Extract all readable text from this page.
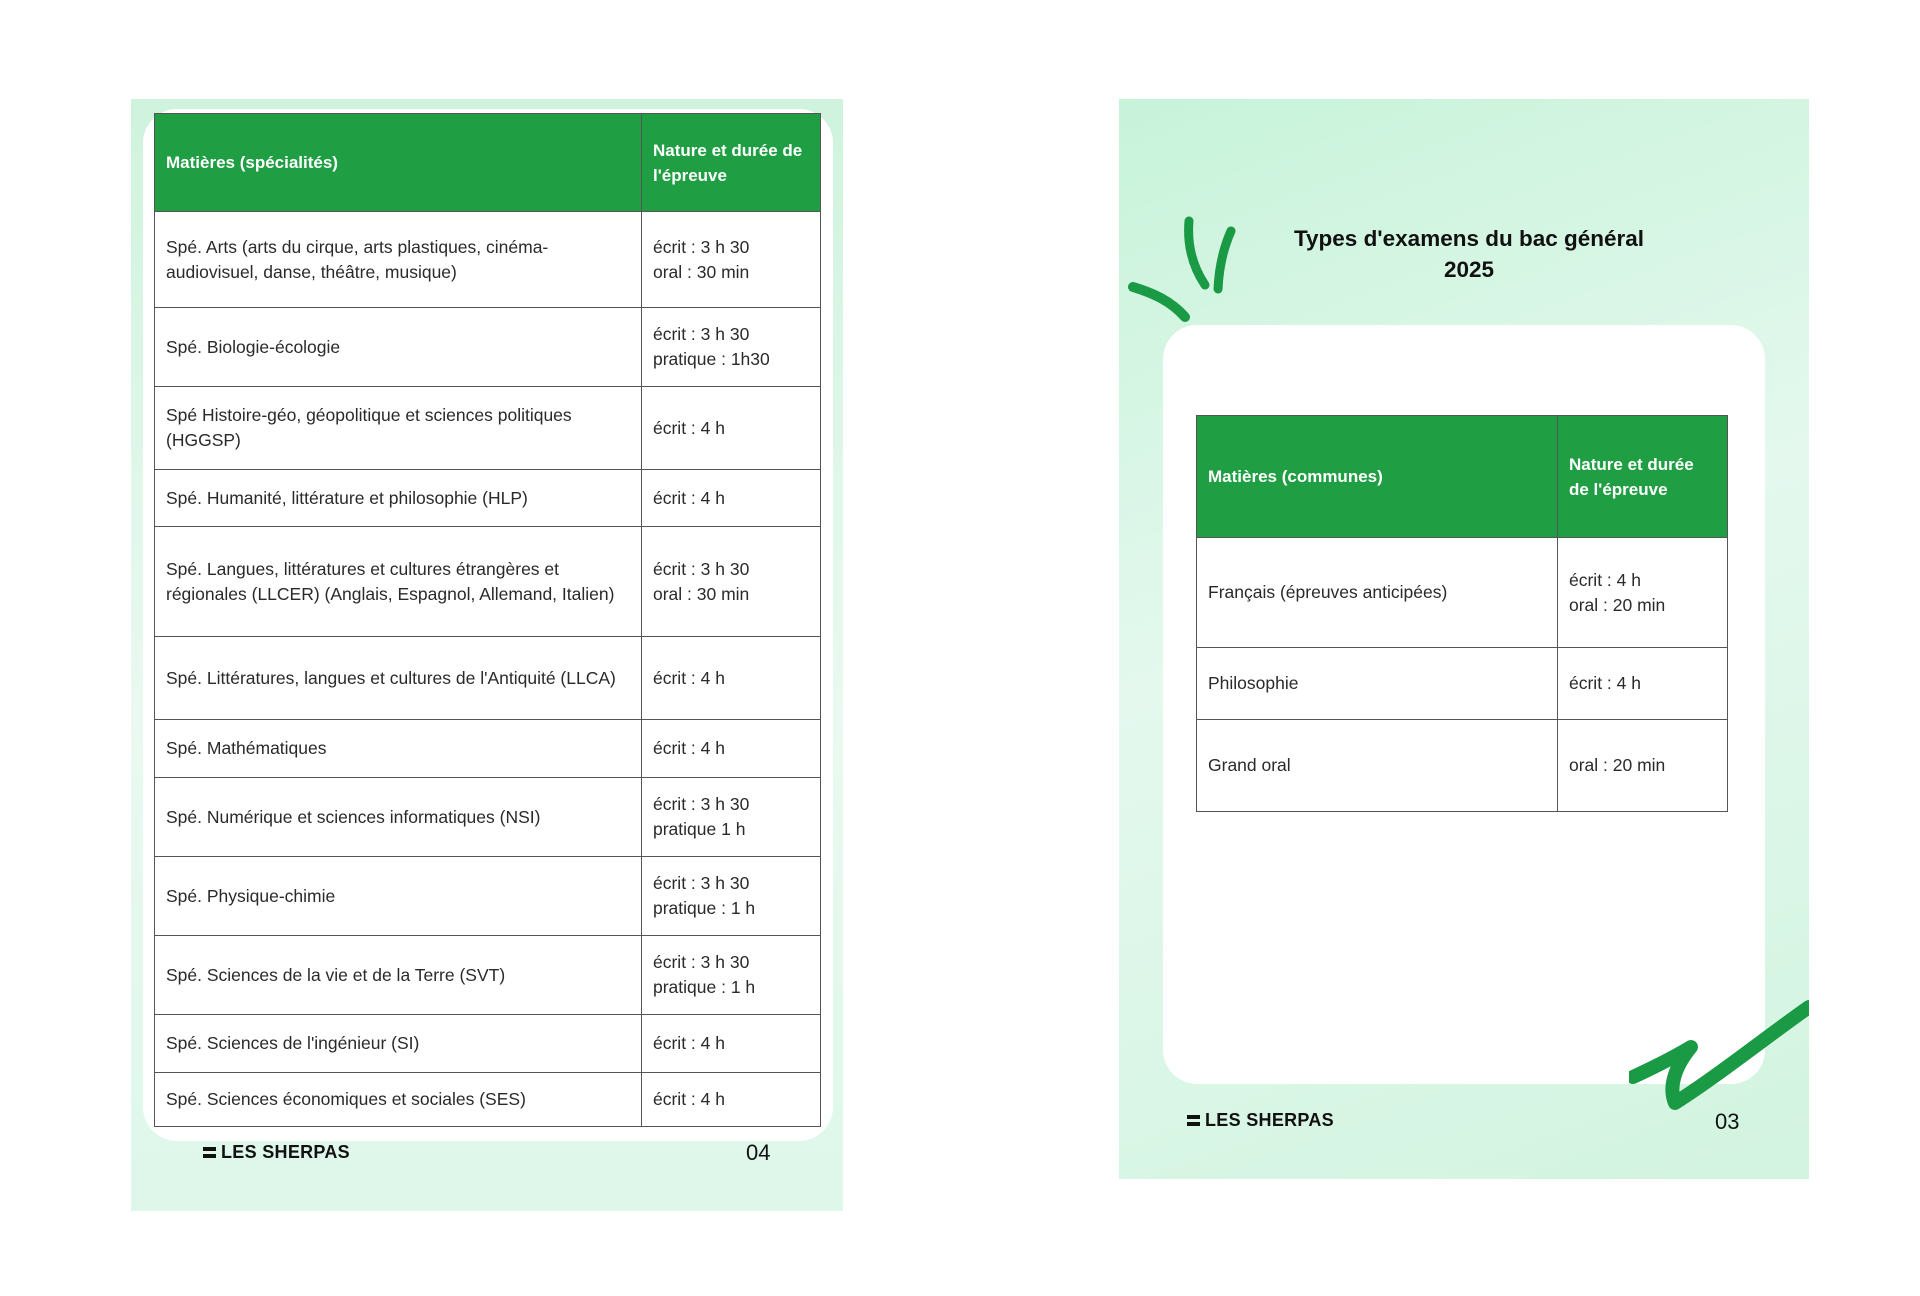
Matières (spécialités)	Nature et durée de l'épreuve
Spé. Arts (arts du cirque, arts plastiques, cinéma-audiovisuel, danse, théâtre, musique)	écrit : 3 h 30
oral : 30 min
Spé. Biologie-écologie	écrit : 3 h 30
pratique : 1h30
Spé Histoire-géo, géopolitique et sciences politiques (HGGSP)	écrit : 4 h
Spé. Humanité, littérature et philosophie (HLP)	écrit : 4 h
Spé. Langues, littératures et cultures étrangères et régionales (LLCER) (Anglais, Espagnol, Allemand, Italien)	écrit : 3 h 30
oral : 30 min
Spé. Littératures, langues et cultures de l'Antiquité (LLCA)	écrit : 4 h
Spé. Mathématiques	écrit : 4 h
Spé. Numérique et sciences informatiques (NSI)	écrit : 3 h 30
pratique 1 h
Spé. Physique-chimie	écrit : 3 h 30
pratique : 1 h
Spé. Sciences de la vie et de la Terre (SVT)	écrit : 3 h 30
pratique : 1 h
Spé. Sciences de l'ingénieur (SI)	écrit : 4 h
Spé. Sciences économiques et sociales (SES)	écrit : 4 h
LES SHERPAS	04
Types d'examens du bac général 2025
Matières (communes)	Nature et durée de l'épreuve
Français (épreuves anticipées)	écrit : 4 h
oral : 20 min
Philosophie	écrit : 4 h
Grand oral	oral : 20 min
LES SHERPAS	03
